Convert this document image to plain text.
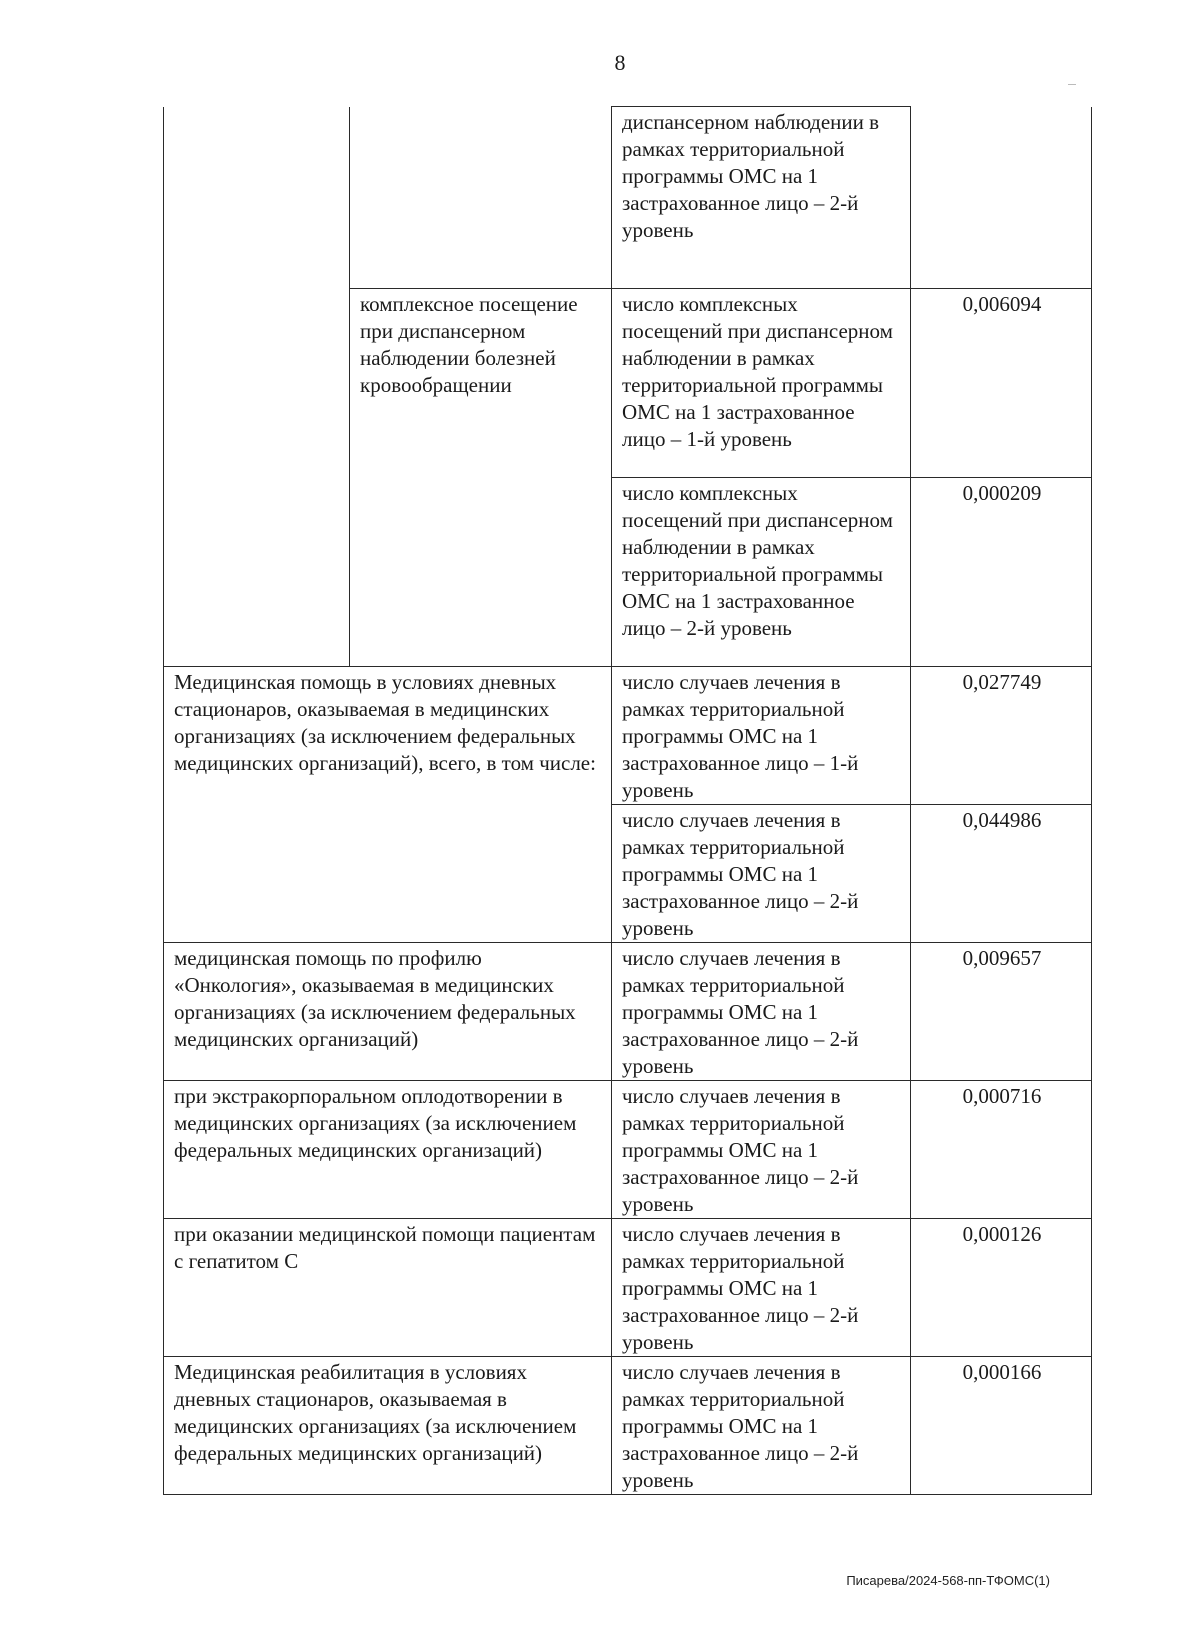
8
		диспансерном наблюдении в рамках территориальной программы ОМС на 1 застрахованное лицо – 2-й уровень	
	комплексное посещение при диспансерном наблюдении болезней кровообращении	число комплексных посещений при диспансерном наблюдении в рамках территориальной программы ОМС на 1 застрахованное лицо – 1-й уровень	0,006094
		число комплексных посещений при диспансерном наблюдении в рамках территориальной программы ОМС на 1 застрахованное лицо – 2-й уровень	0,000209
Медицинская помощь в условиях дневных стационаров, оказываемая в медицинских организациях (за исключением федеральных медицинских организаций), всего, в том числе:		число случаев лечения в рамках территориальной программы ОМС на 1 застрахованное лицо – 1-й уровень	0,027749
		число случаев лечения в рамках территориальной программы ОМС на 1 застрахованное лицо – 2-й уровень	0,044986
медицинская помощь по профилю «Онкология», оказываемая в медицинских организациях (за исключением федеральных медицинских организаций)		число случаев лечения в рамках территориальной программы ОМС на 1 застрахованное лицо – 2-й уровень	0,009657
при экстракорпоральном оплодотворении в медицинских организациях (за исключением федеральных медицинских организаций)		число случаев лечения в рамках территориальной программы ОМС на 1 застрахованное лицо – 2-й уровень	0,000716
при оказании медицинской помощи пациентам с гепатитом С		число случаев лечения в рамках территориальной программы ОМС на 1 застрахованное лицо – 2-й уровень	0,000126
Медицинская реабилитация в условиях дневных стационаров, оказываемая в медицинских организациях (за исключением федеральных медицинских организаций)		число случаев лечения в рамках территориальной программы ОМС на 1 застрахованное лицо – 2-й уровень	0,000166
Писарева/2024-568-пп-ТФОМС(1)
